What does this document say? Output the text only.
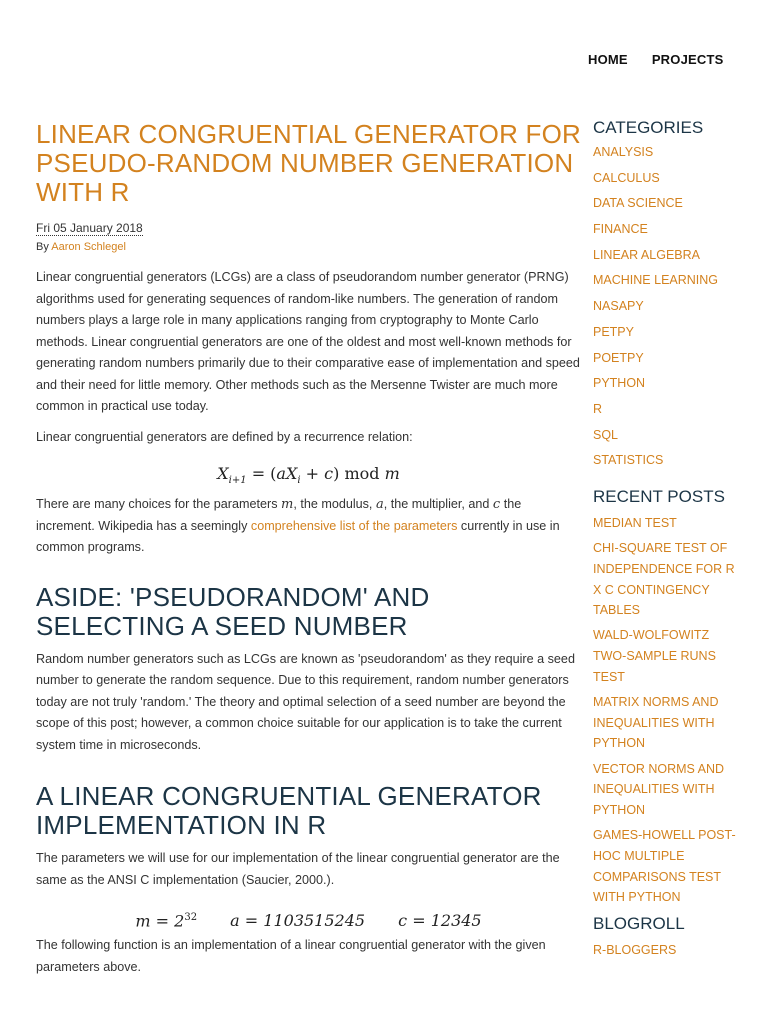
HOME PROJECTS
LINEAR CONGRUENTIAL GENERATOR FOR PSEUDO-RANDOM NUMBER GENERATION WITH R
Fri 05 January 2018
By Aaron Schlegel

Linear congruential generators (LCGs) are a class of pseudorandom number generator (PRNG) algorithms used for generating sequences of random-like numbers. The generation of random numbers plays a large role in many applications ranging from cryptography to Monte Carlo methods. Linear congruential generators are one of the oldest and most well-known methods for generating random numbers primarily due to their comparative ease of implementation and speed and their need for little memory. Other methods such as the Mersenne Twister are much more common in practical use today.

Linear congruential generators are defined by a recurrence relation:

$X_{i+1} = (aX_i + c)$ mod m

There are many choices for the parameters m, the modulus, a, the multiplier, and c the increment. Wikipedia has a seemingly comprehensive list of the parameters currently in use in common programs.

ASIDE: 'PSEUDORANDOM' AND SELECTING A SEED NUMBER

Random number generators such as LCGs are known as 'pseudorandom' as they require a seed number to generate the random sequence. Due to this requirement, random number generators today are not truly 'random.' The theory and optimal selection of a seed number are beyond the scope of this post; however, a common choice suitable for our application is to take the current system time in microseconds.

A LINEAR CONGRUENTIAL GENERATOR IMPLEMENTATION IN R

The parameters we will use for our implementation of the linear congruential generator are the same as the ANSI C implementation (Saucier, 2000.).

$m = 2^{32}$ a = 1103515245 c = 12345

The following function is an implementation of a linear congruential generator with the given parameters above.

CATEGORIES
ANALYSIS
CALCULUS
DATA SCIENCE
FINANCE
LINEAR ALGEBRA
MACHINE LEARNING
NASAPY
PETPY
POETPY
PYTHON
R
SQL
STATISTICS
RECENT POSTS
MEDIAN TEST
CHI-SQUARE TEST OF INDEPENDENCE FOR R X C CONTINGENCY TABLES
WALD-WOLFOWITZ TWO-SAMPLE RUNS TEST
MATRIX NORMS AND INEQUALITIES WITH PYTHON
VECTOR NORMS AND INEQUALITIES WITH PYTHON
GAMES-HOWELL POST-HOC MULTIPLE COMPARISONS TEST WITH PYTHON
BLOGROLL
R-BLOGGERS
